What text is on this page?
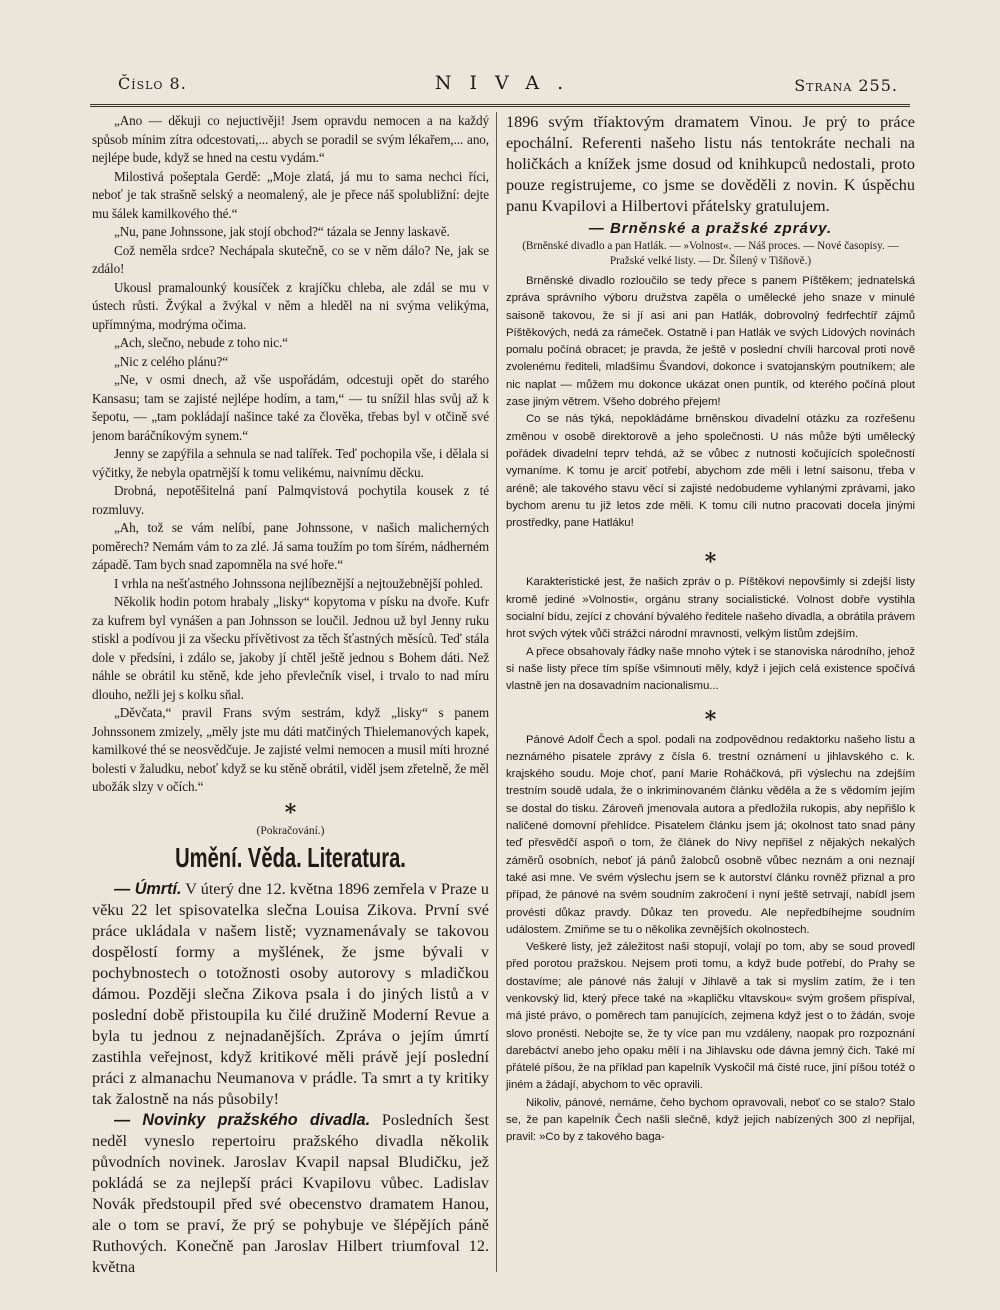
Číslo 8.	NIVA.	Strana 255.

„Ano — děkuji co nejuctivěji! Jsem opravdu nemocen a na každý spůsob mínim zítra odcestovati,... abych se poradil se svým lékařem,... ano, nejlépe bude, když se hned na cestu vydám.“

Milostivá pošeptala Gerdě: „Moje zlatá, já mu to sama nechci říci, neboť je tak strašně selský a neomalený, ale je přece náš spolubližní: dejte mu šálek kamilkového thé.“

„Nu, pane Johnssone, jak stojí obchod?“ tázala se Jenny laskavě.

Což neměla srdce? Nechápala skutečně, co se v něm dálo? Ne, jak se zdálo!

Ukousl pramalounký kousíček z krajíčku chleba, ale zdál se mu v ústech růsti. Žvýkal a žvýkal v něm a hleděl na ni svýma velikýma, upřímnýma, modrýma očima.

„Ach, slečno, nebude z toho nic.“

„Nic z celého plánu?“

„Ne, v osmi dnech, až vše uspořádám, odcestuji opět do starého Kansasu; tam se zajisté nejlépe hodím, a tam,“ — tu snížil hlas svůj až k šepotu, — „tam pokládají našince také za člověka, třebas byl v otčině své jenom baráčníkovým synem.“

Jenny se zapýřila a sehnula se nad talířek. Teď pochopila vše, i dělala si výčitky, že nebyla opatrnější k tomu velikému, naivnímu děcku.

Drobná, nepotěšitelná paní Palmqvistová pochytila kousek z té rozmluvy.

„Ah, tož se vám nelíbí, pane Johnssone, v našich malicherných poměrech? Nemám vám to za zlé. Já sama toužím po tom šírém, nádherném západě. Tam bych snad zapomněla na své hoře.“

I vrhla na nešťastného Johnssona nejlíbeznější a nejtoužebnější pohled.

Několik hodin potom hrabaly „lisky“ kopytoma v písku na dvoře. Kufr za kufrem byl vynášen a pan Johnsson se loučil. Jednou už byl Jenny ruku stiskl a podívou ji za všecku přívětivost za těch šťastných měsíců. Teď stála dole v předsíni, i zdálo se, jakoby jí chtěl ještě jednou s Bohem dáti. Než náhle se obrátil ku stěně, kde jeho převlečník visel, i trvalo to nad míru dlouho, nežli jej s kolku sňal.

„Děvčata,“ pravil Frans svým sestrám, když „lisky“ s panem Johnssonem zmizely, „měly jste mu dáti matčiných Thielemanových kapek, kamilkové thé se neosvědčuje. Je zajisté velmi nemocen a musil míti hrozné bolesti v žaludku, neboť když se ku stěně obrátil, viděl jsem zřetelně, že měl ubožák slzy v očích.“

*
(Pokračování.)
Umění. Věda. Literatura.

— Úmrtí. V úterý dne 12. května 1896 zemřela v Praze u věku 22 let spisovatelka slečna Louisa Zikova. První své práce ukládala v našem listě; vyznamenávaly se takovou dospělostí formy a myšlének, že jsme bývali v pochybnostech o totožnosti osoby autorovy s mladičkou dámou. Později slečna Zikova psala i do jiných listů a v poslední době přistoupila ku čilé družině Moderní Revue a byla tu jednou z nejnadanějších. Zpráva o jejím úmrtí zastihla veřejnost, když kritikové měli právě její poslední práci z almanachu Neumanova v prádle. Ta smrt a ty kritiky tak žalostně na nás působily!

— Novinky pražského divadla. Posledních šest neděl vyneslo repertoiru pražského divadla několik původních novinek. Jaroslav Kvapil napsal Bludičku, jež pokládá se za nejlepší práci Kvapilovu vůbec. Ladislav Novák předstoupil před své obecenstvo dramatem Hanou, ale o tom se praví, že prý se pohybuje ve šlépějích páně Ruthových. Konečně pan Jaroslav Hilbert triumfoval 12. května

1896 svým tříaktovým dramatem Vinou. Je prý to práce epochální. Referenti našeho listu nás tentokráte nechali na holičkách a knížek jsme dosud od knihkupců nedostali, proto pouze registrujeme, co jsme se dověděli z novin. K úspěchu panu Kvapilovi a Hilbertovi přátelsky gratulujem.

— Brněnské a pražské zprávy.
(Brněnské divadlo a pan Hatlák. — »Volnost«. — Náš proces. — Nové časopisy. — Pražské velké listy. — Dr. Šílený v Tišňově.)

Brněnské divadlo rozloučilo se tedy přece s panem Píštěkem; jednatelská zpráva správního výboru družstva zapěla o umělecké jeho snaze v minulé saisoně takovou, že si jí asi ani pan Hatlák, dobrovolný fedrfechtíř zájmů Píštěkových, nedá za rámeček. Ostatně i pan Hatlák ve svých Lidových novinách pomalu počíná obracet; je pravda, že ještě v poslední chvíli harcoval proti nově zvolenému řediteli, mladšímu Švandovi, dokonce i svatojanským poutníkem; ale nic naplat — můžem mu dokonce ukázat onen puntík, od kterého počíná plout zase jiným větrem. Všeho dobrého přejem!

Co se nás týká, nepokládáme brněnskou divadelní otázku za rozřešenu změnou v osobě direktorově a jeho společnosti. U nás může býti umělecký pořádek divadelní teprv tehdá, až se vůbec z nutnosti kočujících společností vymaníme. K tomu je arciť potřebí, abychom zde měli i letní saisonu, třeba v aréně; ale takového stavu věcí si zajisté nedobudeme vyhlanými zprávami, jako bychom arenu tu již letos zde měli. K tomu cíli nutno pracovati docela jinými prostředky, pane Hatláku!

*

Karakteristické jest, že našich zpráv o p. Píštěkovi nepovšimly si zdejší listy kromě jediné »Volnosti«, orgánu strany socialistické. Volnost dobře vystihla socialní bídu, zející z chování bývalého ředitele našeho divadla, a obrátila právem hrot svých výtek vůči strážci národní mravnosti, velkým listům zdejším.

A přece obsahovaly řádky naše mnoho výtek i se stanoviska národního, jehož si naše listy přece tím spíše všimnouti měly, když i jejich celá existence spočívá vlastně jen na dosavadním nacionalismu...

*

Pánové Adolf Čech a spol. podali na zodpovědnou redaktorku našeho listu a neznámého pisatele zprávy z čísla 6. trestní oznámení u jihlavského c. k. krajského soudu. Moje choť, paní Marie Roháčková, při výslechu na zdejším trestním soudě udala, že o inkriminovaném článku věděla a že s vědomím jejím se dostal do tisku. Zároveň jmenovala autora a předložila rukopis, aby nepřišlo k naličené domovní přehlídce. Pisatelem článku jsem já; okolnost tato snad pány teď přesvědčí aspoň o tom, že článek do Nivy nepřišel z nějakých nekalých záměrů osobních, neboť já pánů žalobců osobně vůbec neznám a oni neznají také asi mne. Ve svém výslechu jsem se k autorství článku rovněž přiznal a pro případ, že pánové na svém soudním zakročení i nyní ještě setrvají, nabídl jsem provésti důkaz pravdy. Důkaz ten provedu. Ale nepředbíhejme soudním událostem. Zmiňme se tu o několika zevnějších okolnostech.

Veškeré listy, jež záležitost naši stopují, volají po tom, aby se soud provedl před porotou pražskou. Nejsem proti tomu, a když bude potřebí, do Prahy se dostavíme; ale pánové nás žalují v Jihlavě a tak si myslím zatím, že i ten venkovský lid, který přece také na »kapličku vltavskou« svým grošem přispíval, má jisté právo, o poměrech tam panujících, zejmena když jest o to žádán, svoje slovo pronésti. Nebojte se, že ty více pan mu vzdáleny, naopak pro rozpoznání darebáctví anebo jeho opaku mělí i na Jihlavsku ode dávna jemný čich. Také mí přátelé píšou, že na příklad pan kapelník Vyskočil má čisté ruce, jiní píšou totéž o jiném a žádají, abychom to věc opravili.

Nikoliv, pánové, nemáme, čeho bychom opravovali, neboť co se stalo? Stalo se, že pan kapelník Čech našli slečně, když jejich nabízených 300 zl nepřijal, pravil: »Co by z takového baga-
